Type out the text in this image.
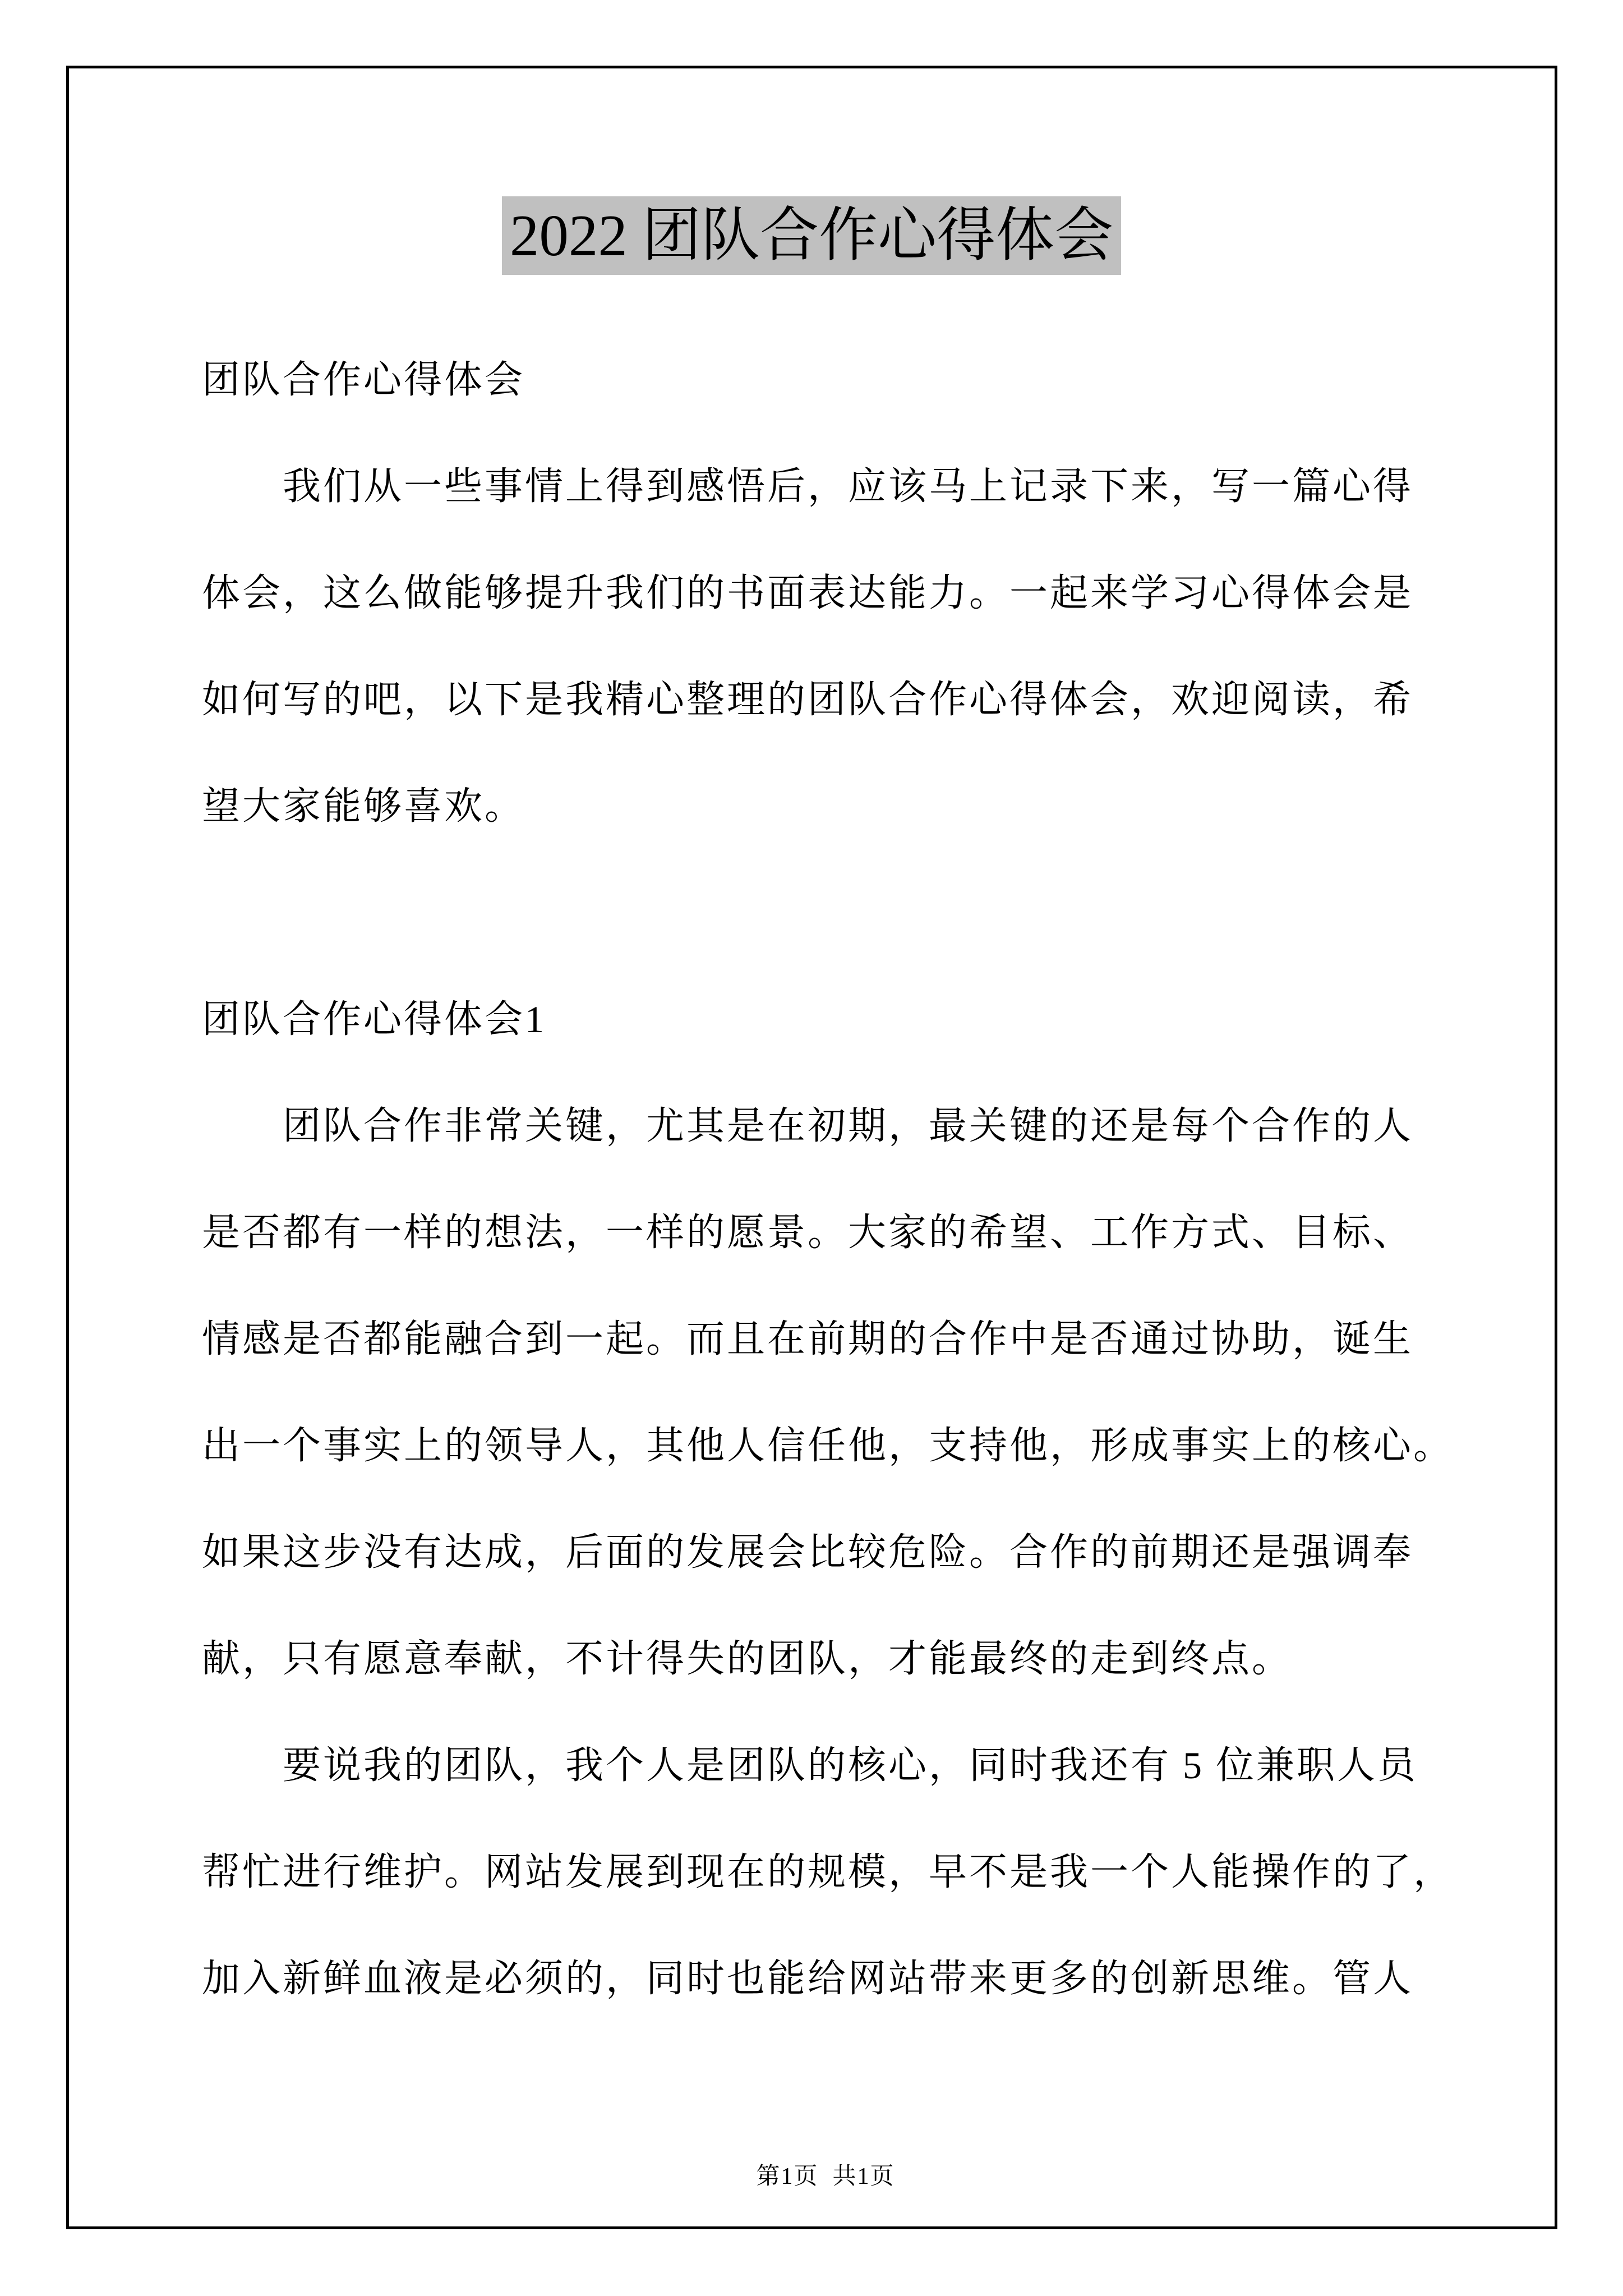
2022 团队合作心得体会
团队合作心得体会
我们从一些事情上得到感悟后，应该马上记录下来，写一篇心得
体会，这么做能够提升我们的书面表达能力。一起来学习心得体会是
如何写的吧，以下是我精心整理的团队合作心得体会，欢迎阅读，希
望大家能够喜欢。
团队合作心得体会1
团队合作非常关键，尤其是在初期，最关键的还是每个合作的人
是否都有一样的想法，一样的愿景。大家的希望、工作方式、目标、
情感是否都能融合到一起。而且在前期的合作中是否通过协助，诞生
出一个事实上的领导人，其他人信任他，支持他，形成事实上的核心。
如果这步没有达成，后面的发展会比较危险。合作的前期还是强调奉
献，只有愿意奉献，不计得失的团队，才能最终的走到终点。
要说我的团队，我个人是团队的核心，同时我还有 5 位兼职人员
帮忙进行维护。网站发展到现在的规模，早不是我一个人能操作的了，
加入新鲜血液是必须的，同时也能给网站带来更多的创新思维。管人

第1页  共1页
